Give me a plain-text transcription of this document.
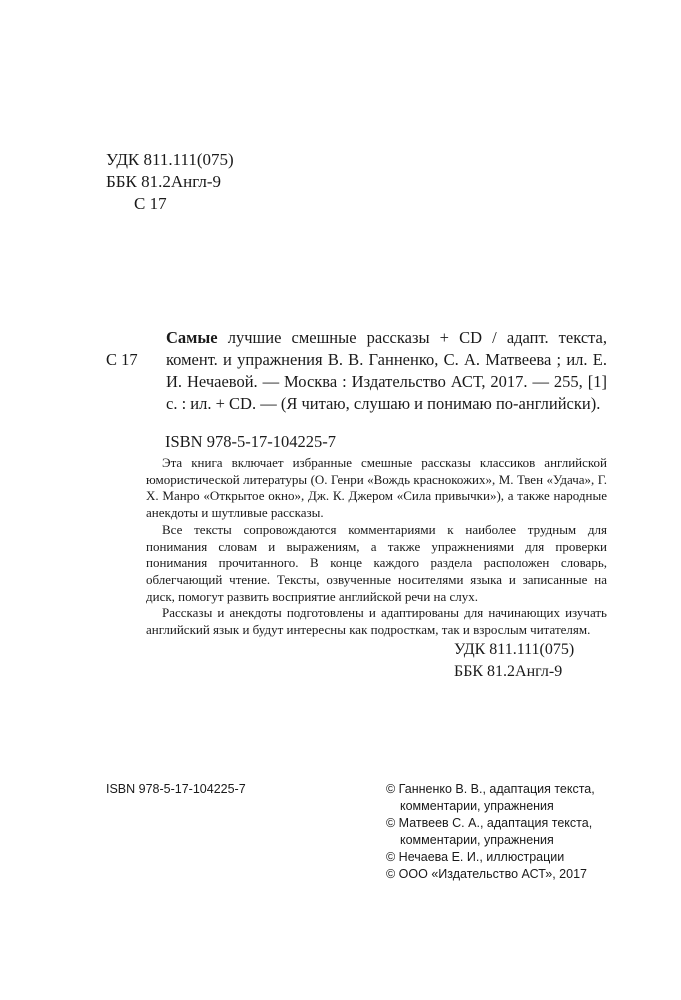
УДК 811.111(075)
ББК 81.2Англ-9
С 17
С 17
Самые лучшие смешные рассказы + CD / адапт. текста, комент. и упражнения В. В. Ганненко, С. А. Матвеева ; ил. Е. И. Нечаевой. — Москва : Издательство АСТ, 2017. — 255, [1] с. : ил. + CD. — (Я читаю, слушаю и понимаю по-английски).
ISBN 978-5-17-104225-7

Эта книга включает избранные смешные рассказы классиков английской юмористической литературы (О. Генри «Вождь краснокожих», М. Твен «Удача», Г. Х. Манро «Открытое окно», Дж. К. Джером «Сила привычки»), а также народные анекдоты и шутливые рассказы.

Все тексты сопровождаются комментариями к наиболее трудным для понимания словам и выражениям, а также упражнениями для проверки понимания прочитанного. В конце каждого раздела расположен словарь, облегчающий чтение. Тексты, озвученные носителями языка и записанные на диск, помогут развить восприятие английской речи на слух.

Рассказы и анекдоты подготовлены и адаптированы для начинающих изучать английский язык и будут интересны как подросткам, так и взрослым читателям.

УДК 811.111(075)
ББК 81.2Англ-9
ISBN 978-5-17-104225-7	© Ганненко В. В., адаптация текста, комментарии, упражнения
© Матвеев С. А., адаптация текста, комментарии, упражнения
© Нечаева Е. И., иллюстрации
© ООО «Издательство АСТ», 2017
